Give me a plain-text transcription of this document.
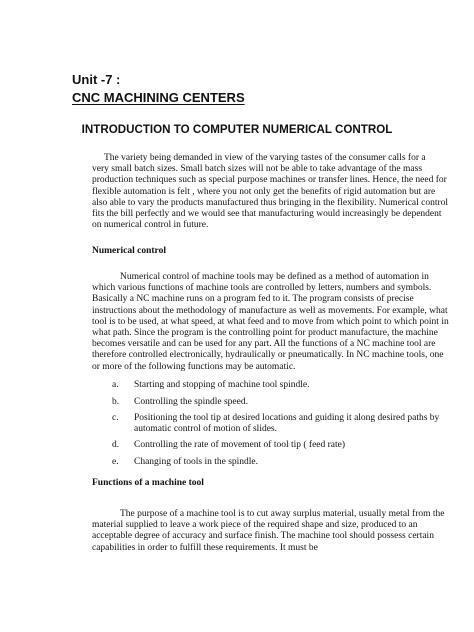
Unit -7 :
CNC MACHINING CENTERS
INTRODUCTION TO COMPUTER NUMERICAL CONTROL
The variety being demanded in view of the varying tastes of the consumer calls for a
very small batch sizes. Small batch sizes will not be able to take advantage of the mass
production techniques such as special purpose machines or transfer lines. Hence, the need for
flexible automation is felt , where you not only get the benefits of rigid automation but are
also able to vary the products manufactured thus bringing in the flexibility. Numerical control
fits the bill perfectly and we would see that manufacturing would increasingly be dependent
on numerical control in future.
Numerical control
Numerical control of machine tools may be defined as a method of automation in
which various functions of machine tools are controlled by letters, numbers and symbols.
Basically a NC machine runs on a program fed to it. The program consists of precise
instructions about the methodology of manufacture as well as movements. For example, what
tool is to be used, at what speed, at what feed and to move from which point to which point in
what path. Since the program is the controlling point for product manufacture, the machine
becomes versatile and can be used for any part. All the functions of a NC machine tool are
therefore controlled electronically, hydraulically or pneumatically. In NC machine tools, one
or more of the following functions may be automatic.
a.	Starting and stopping of machine tool spindle.
b.	Controlling the spindle speed.
c.	Positioning the tool tip at desired locations and guiding it along desired paths by
automatic control of motion of slides.
d.	Controlling the rate of movement of tool tip ( feed rate)
e.	Changing of tools in the spindle.
Functions of a machine tool
The purpose of a machine tool is to cut away surplus material, usually metal from the
material supplied to leave a work piece of the required shape and size, produced to an
acceptable degree of accuracy and surface finish. The machine tool should possess certain
capabilities in order to fulfill these requirements. It must be
